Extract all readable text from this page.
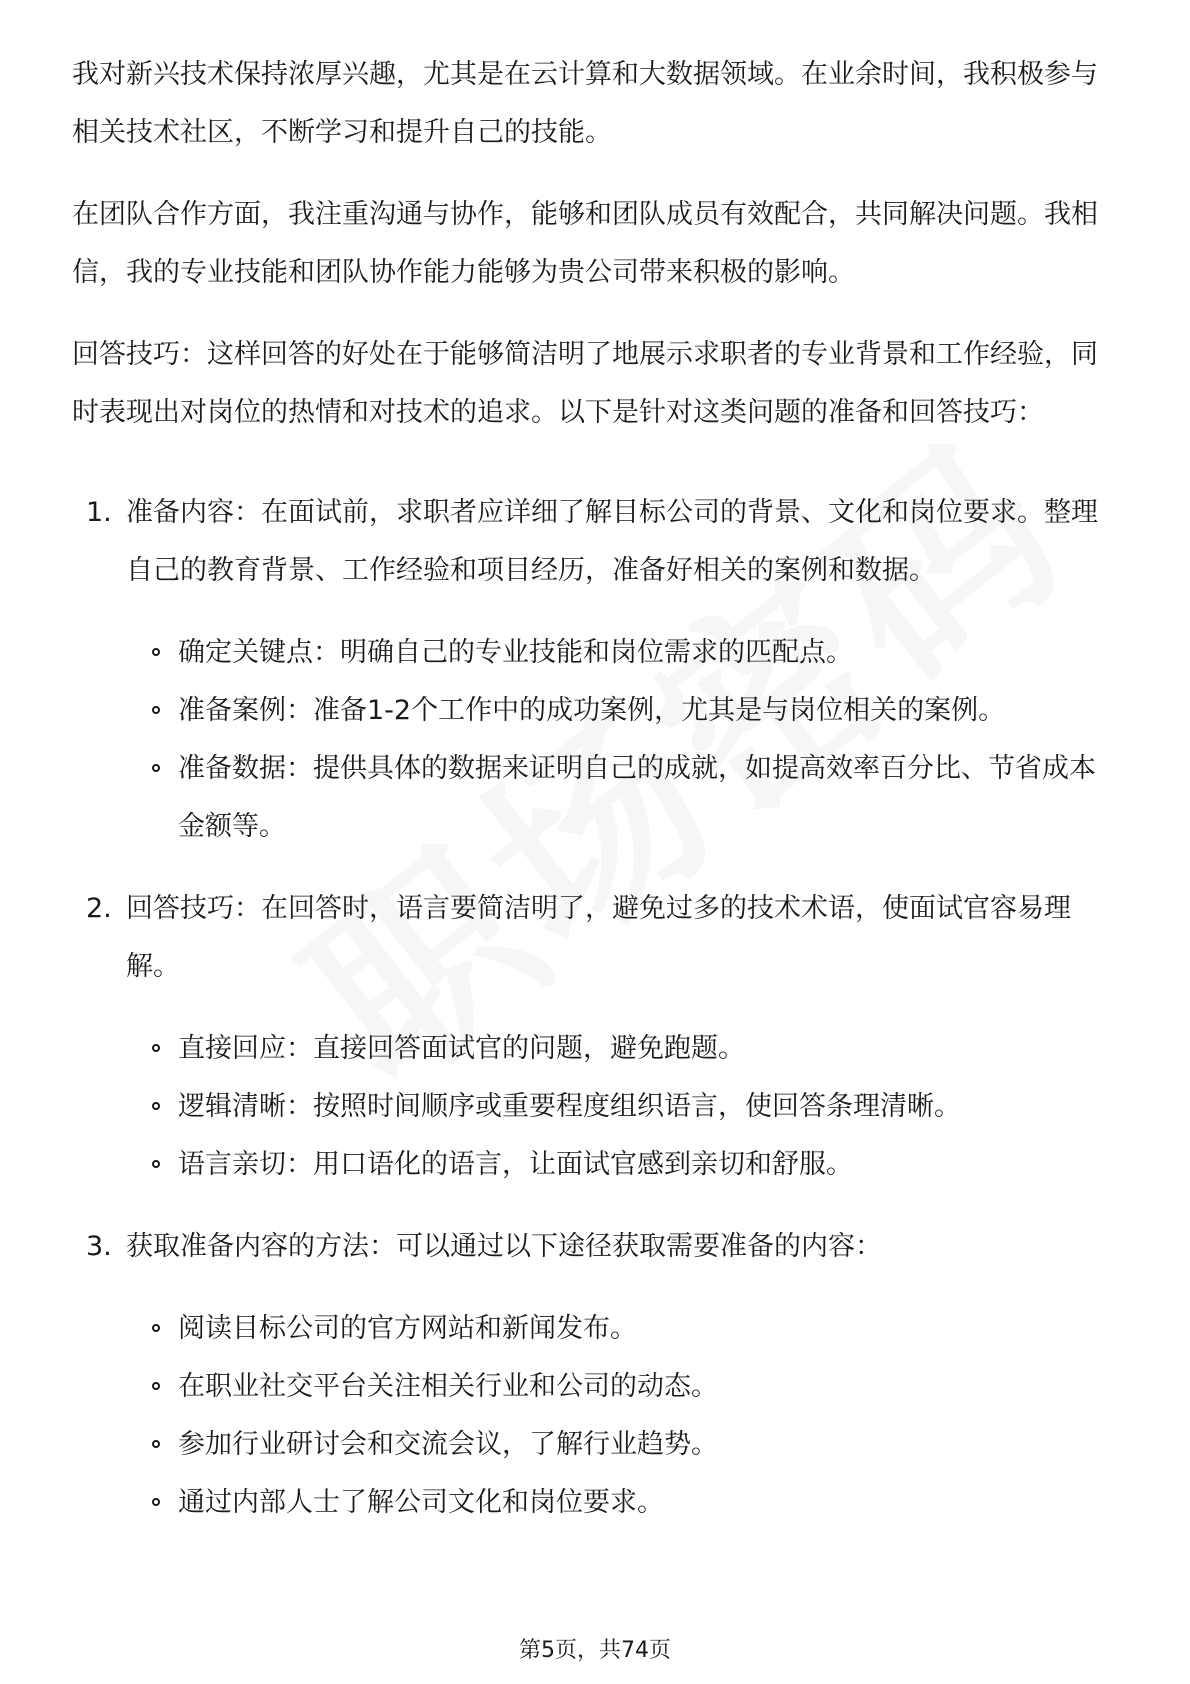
我对新兴技术保持浓厚兴趣，尤其是在云计算和大数据领域。在业余时间，我积极参与相关技术社区，不断学习和提升自己的技能。

在团队合作方面，我注重沟通与协作，能够和团队成员有效配合，共同解决问题。我相信，我的专业技能和团队协作能力能够为贵公司带来积极的影响。

回答技巧：这样回答的好处在于能够简洁明了地展示求职者的专业背景和工作经验，同时表现出对岗位的热情和对技术的追求。以下是针对这类问题的准备和回答技巧：

1. 准备内容：在面试前，求职者应详细了解目标公司的背景、文化和岗位要求。整理自己的教育背景、工作经验和项目经历，准备好相关的案例和数据。
确定关键点：明确自己的专业技能和岗位需求的匹配点。
准备案例：准备1-2个工作中的成功案例，尤其是与岗位相关的案例。
准备数据：提供具体的数据来证明自己的成就，如提高效率百分比、节省成本金额等。
2. 回答技巧：在回答时，语言要简洁明了，避免过多的技术术语，使面试官容易理解。
直接回应：直接回答面试官的问题，避免跑题。
逻辑清晰：按照时间顺序或重要程度组织语言，使回答条理清晰。
语言亲切：用口语化的语言，让面试官感到亲切和舒服。
3. 获取准备内容的方法：可以通过以下途径获取需要准备的内容：
阅读目标公司的官方网站和新闻发布。
在职业社交平台关注相关行业和公司的动态。
参加行业研讨会和交流会议，了解行业趋势。
通过内部人士了解公司文化和岗位要求。
第5页，共74页
